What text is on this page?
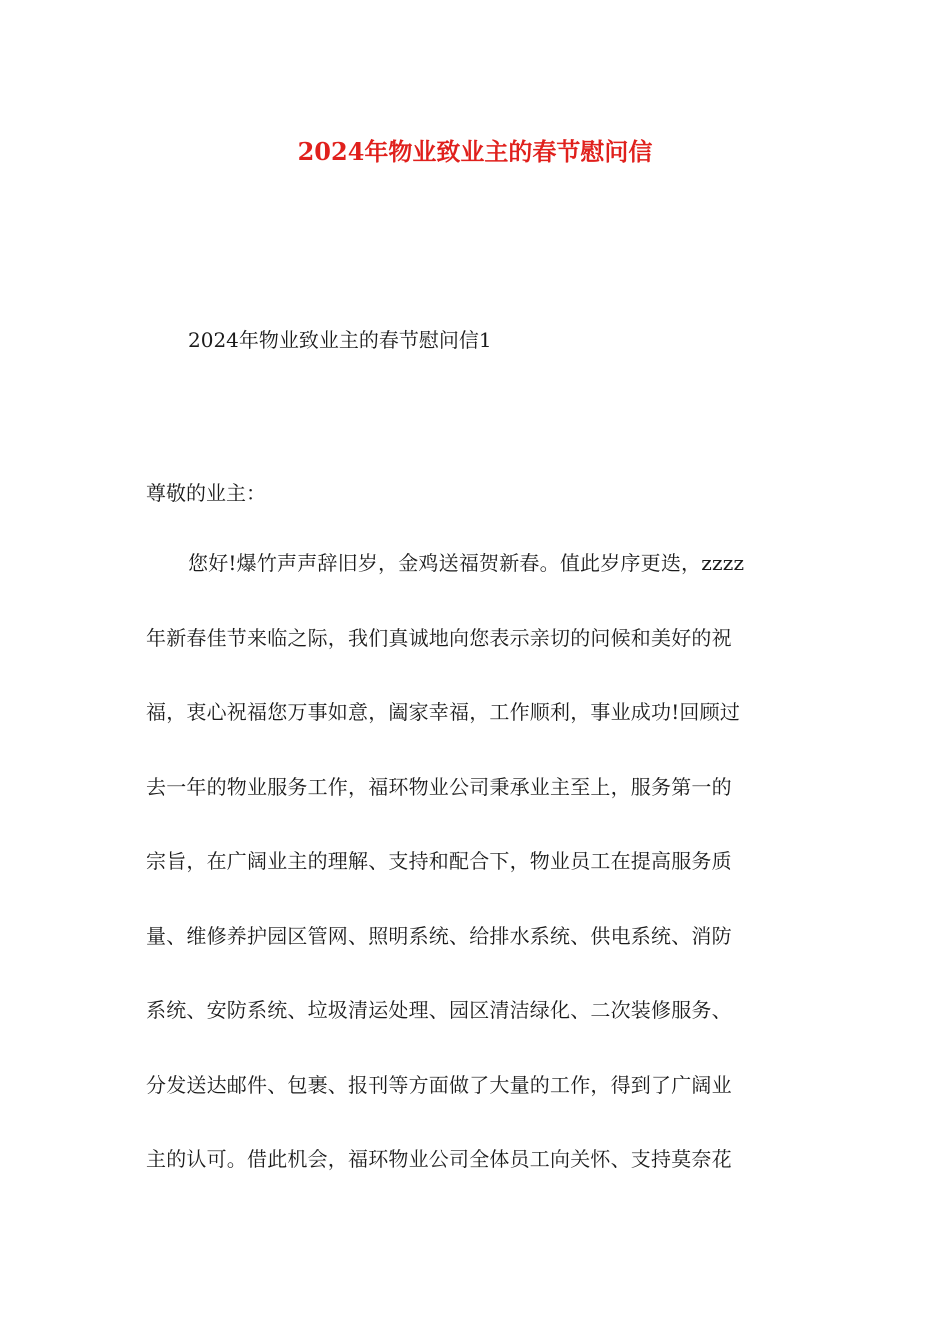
2024年物业致业主的春节慰问信
2024年物业致业主的春节慰问信1
尊敬的业主：
您好!爆竹声声辞旧岁，金鸡送福贺新春。值此岁序更迭，zzzz
年新春佳节来临之际，我们真诚地向您表示亲切的问候和美好的祝
福，衷心祝福您万事如意，阖家幸福，工作顺利，事业成功!回顾过
去一年的物业服务工作，福环物业公司秉承业主至上，服务第一的
宗旨，在广阔业主的理解、支持和配合下，物业员工在提高服务质
量、维修养护园区管网、照明系统、给排水系统、供电系统、消防
系统、安防系统、垃圾清运处理、园区清洁绿化、二次装修服务、
分发送达邮件、包裹、报刊等方面做了大量的工作，得到了广阔业
主的认可。借此机会，福环物业公司全体员工向关怀、支持莫奈花
